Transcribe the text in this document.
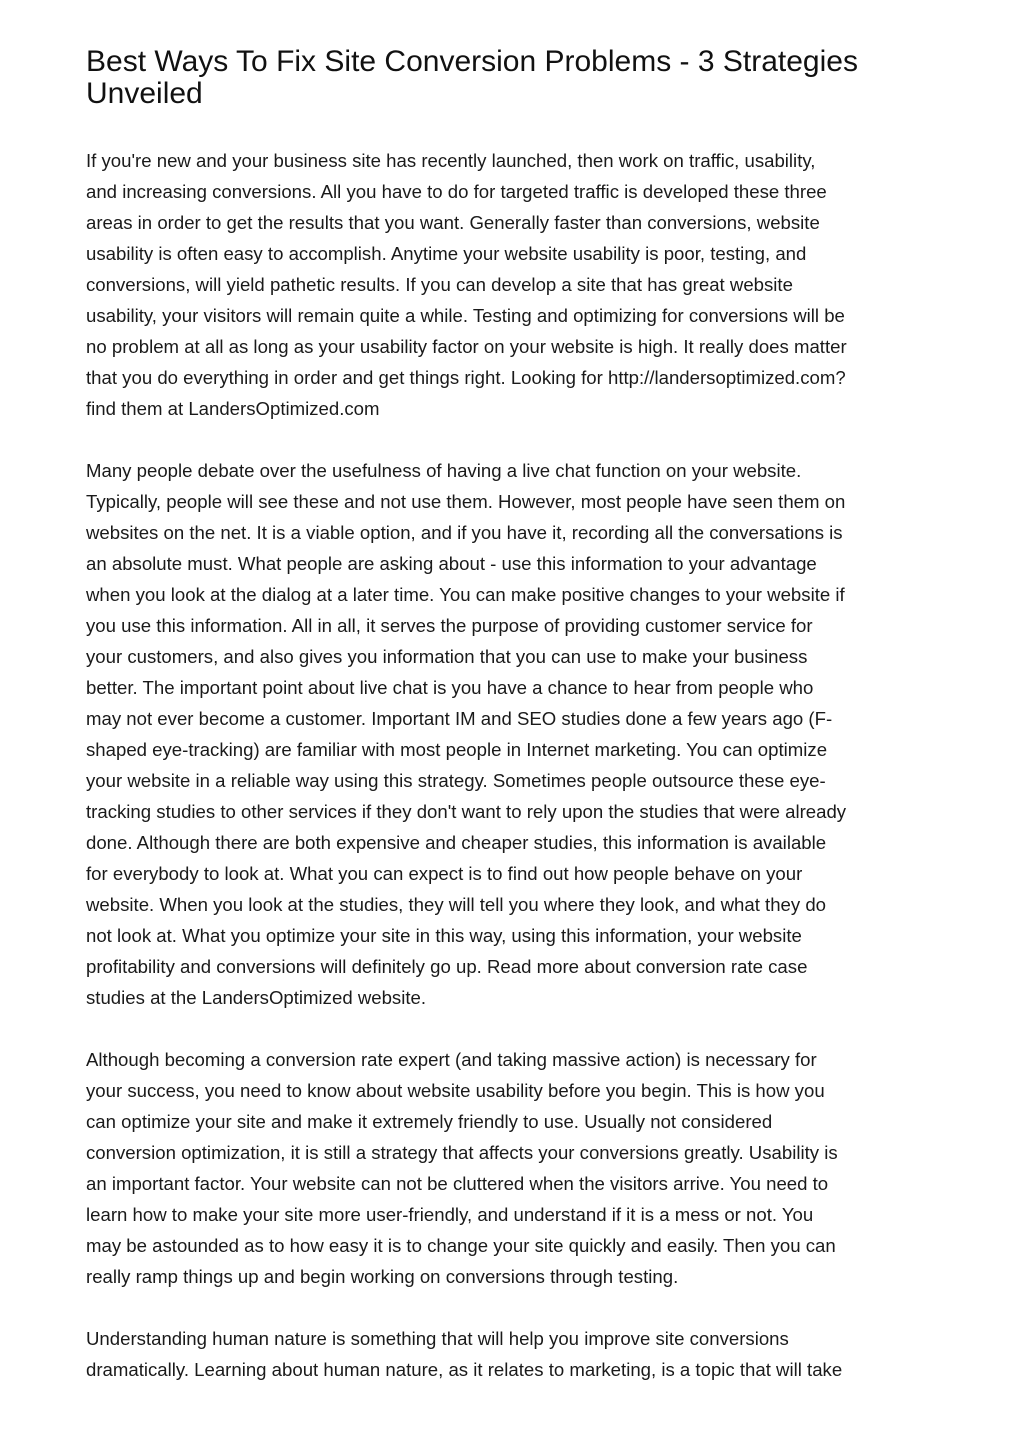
Best Ways To Fix Site Conversion Problems - 3 Strategies
Unveiled

If you're new and your business site has recently launched, then work on traffic, usability,
and increasing conversions. All you have to do for targeted traffic is developed these three
areas in order to get the results that you want. Generally faster than conversions, website
usability is often easy to accomplish. Anytime your website usability is poor, testing, and
conversions, will yield pathetic results. If you can develop a site that has great website
usability, your visitors will remain quite a while. Testing and optimizing for conversions will be
no problem at all as long as your usability factor on your website is high. It really does matter
that you do everything in order and get things right. Looking for http://landersoptimized.com?
find them at LandersOptimized.com

Many people debate over the usefulness of having a live chat function on your website.
Typically, people will see these and not use them. However, most people have seen them on
websites on the net. It is a viable option, and if you have it, recording all the conversations is
an absolute must. What people are asking about - use this information to your advantage
when you look at the dialog at a later time. You can make positive changes to your website if
you use this information. All in all, it serves the purpose of providing customer service for
your customers, and also gives you information that you can use to make your business
better. The important point about live chat is you have a chance to hear from people who
may not ever become a customer. Important IM and SEO studies done a few years ago (F-
shaped eye-tracking) are familiar with most people in Internet marketing. You can optimize
your website in a reliable way using this strategy. Sometimes people outsource these eye-
tracking studies to other services if they don't want to rely upon the studies that were already
done. Although there are both expensive and cheaper studies, this information is available
for everybody to look at. What you can expect is to find out how people behave on your
website. When you look at the studies, they will tell you where they look, and what they do
not look at. What you optimize your site in this way, using this information, your website
profitability and conversions will definitely go up. Read more about conversion rate case
studies at the LandersOptimized website.

Although becoming a conversion rate expert (and taking massive action) is necessary for
your success, you need to know about website usability before you begin. This is how you
can optimize your site and make it extremely friendly to use. Usually not considered
conversion optimization, it is still a strategy that affects your conversions greatly. Usability is
an important factor. Your website can not be cluttered when the visitors arrive. You need to
learn how to make your site more user-friendly, and understand if it is a mess or not. You
may be astounded as to how easy it is to change your site quickly and easily. Then you can
really ramp things up and begin working on conversions through testing.

Understanding human nature is something that will help you improve site conversions
dramatically. Learning about human nature, as it relates to marketing, is a topic that will take
